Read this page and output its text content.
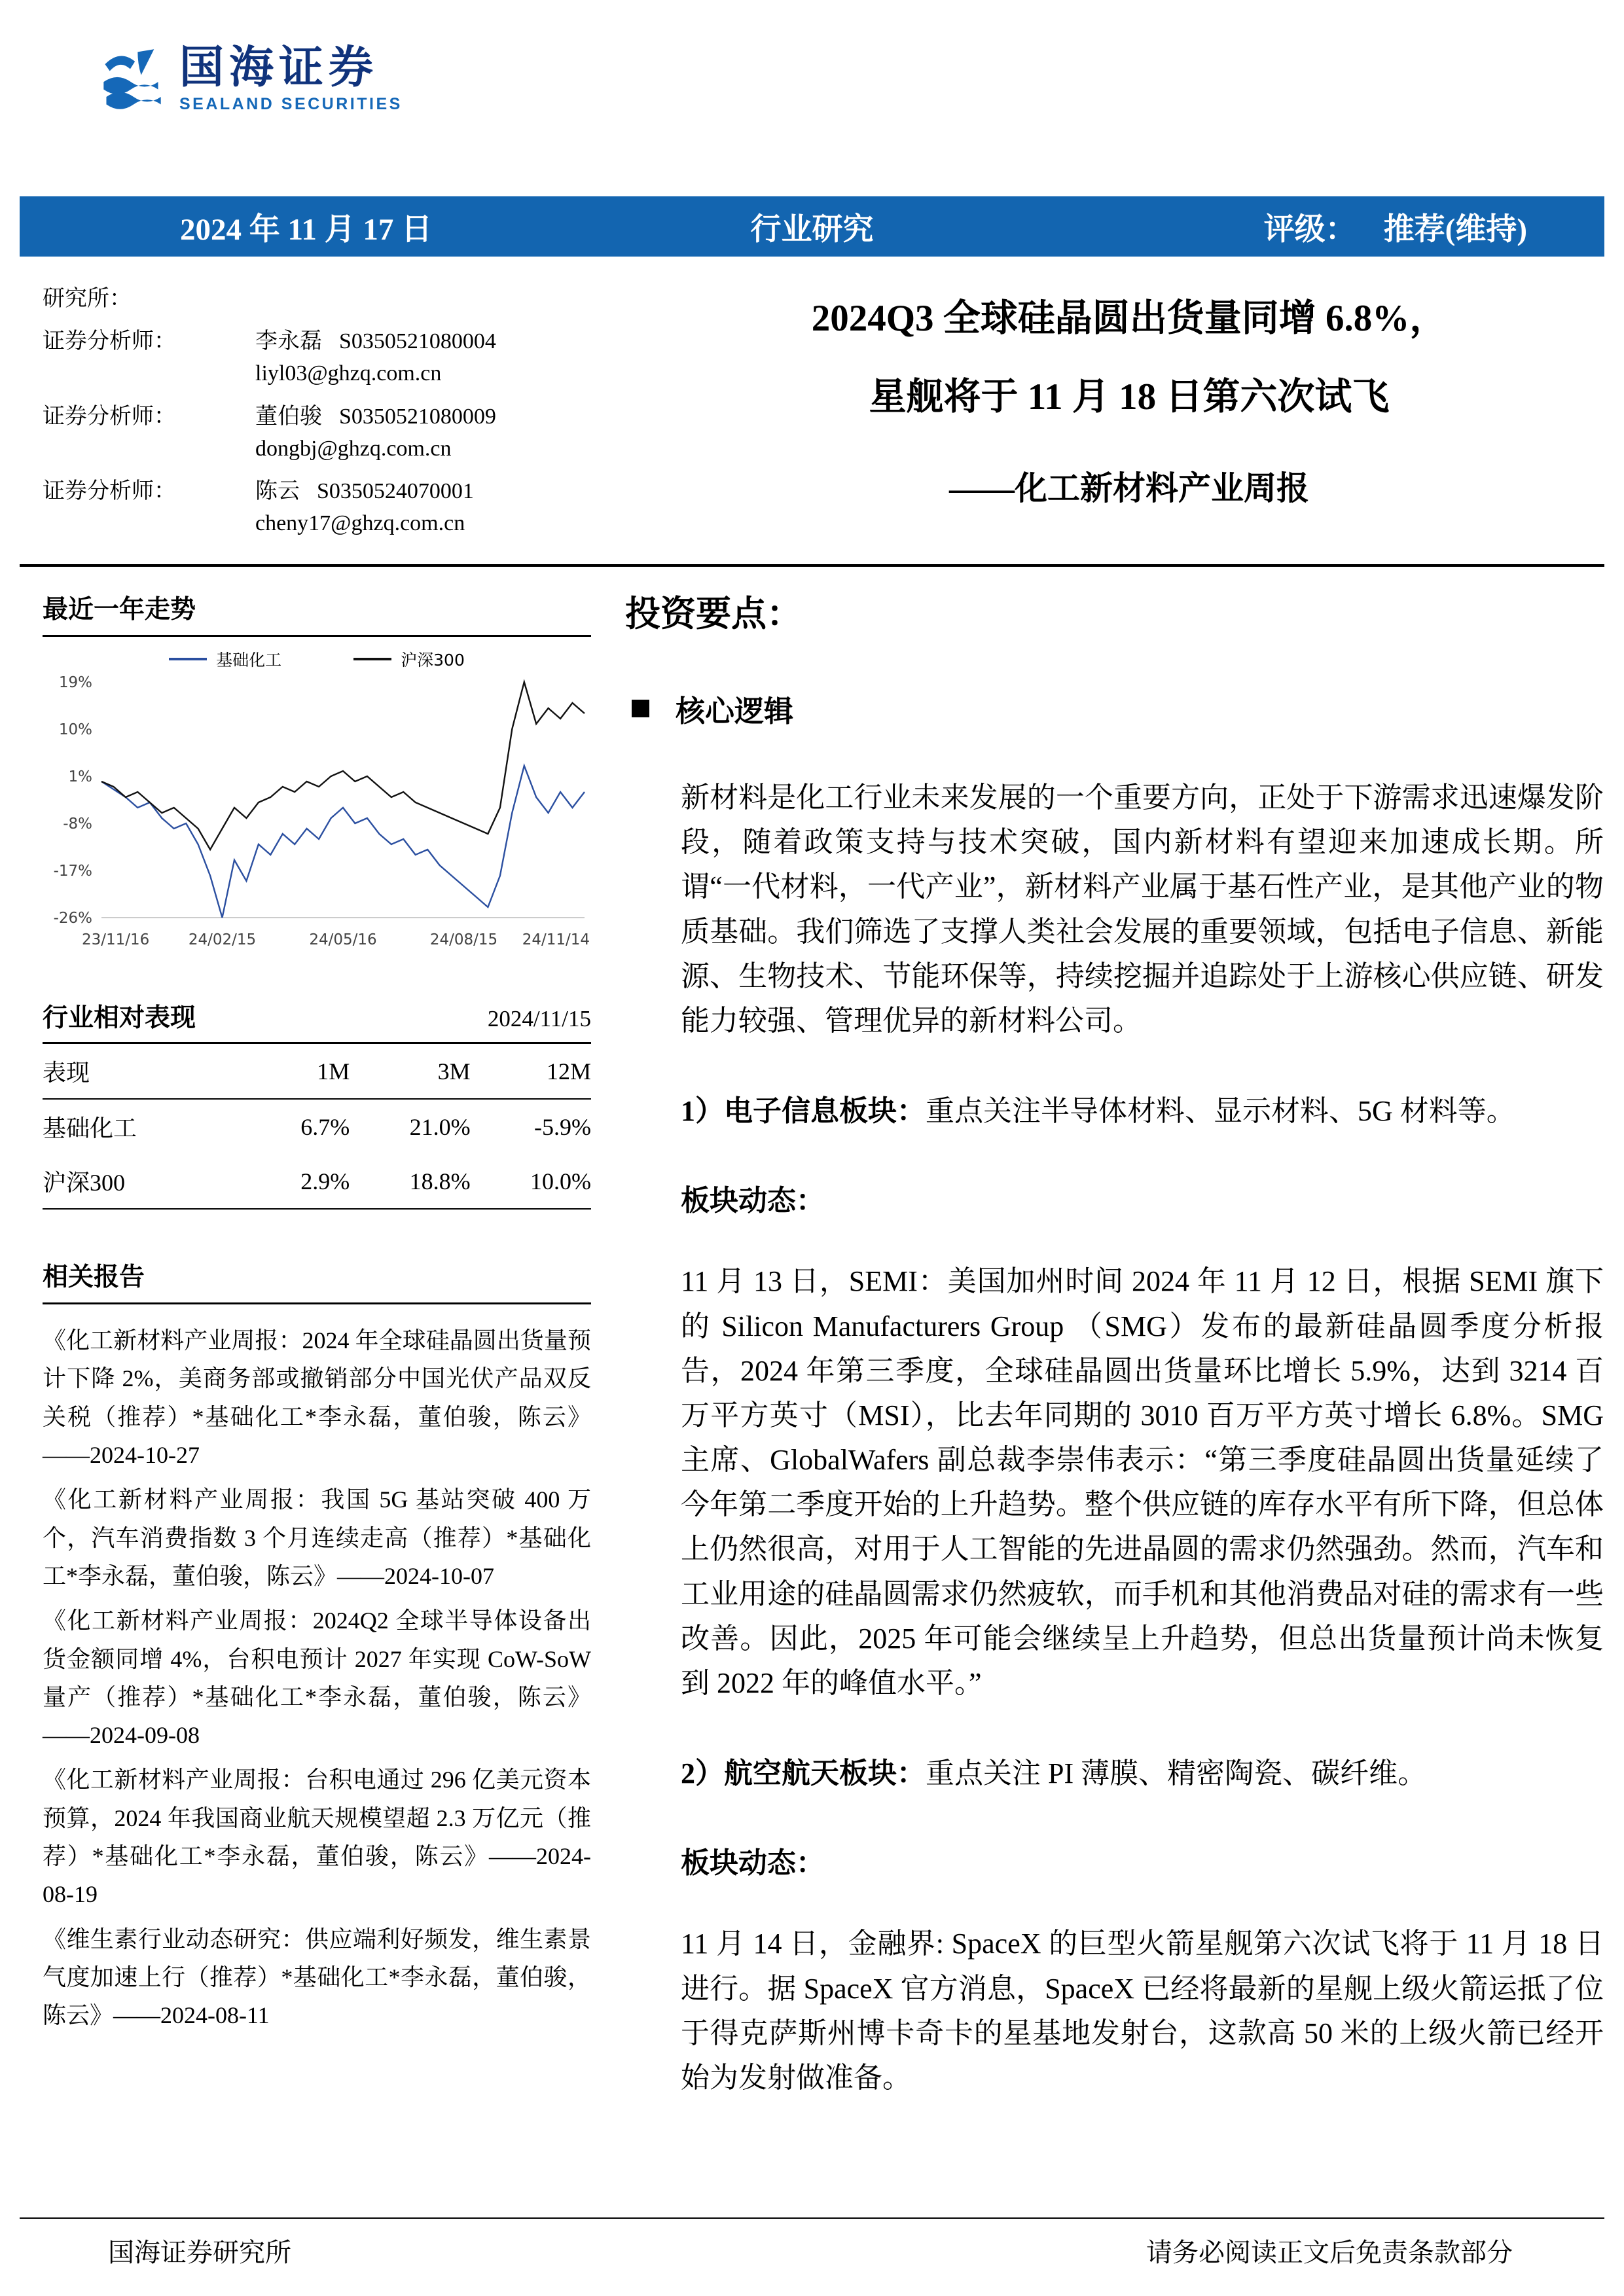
国海证券
SEALAND SECURITIES
2024 年 11 月 17 日	行业研究	评级： 推荐(维持)
研究所：
证券分析师：	李永磊 S0350521080004
liyl03@ghzq.com.cn
证券分析师：	董伯骏 S0350521080009
dongbj@ghzq.com.cn
证券分析师：	陈云 S0350524070001
cheny17@ghzq.com.cn
2024Q3 全球硅晶圆出货量同增 6.8%，
星舰将于 11 月 18 日第六次试飞
——化工新材料产业周报
最近一年走势
基础化工	沪深300
19%
10%
1%
-8%
-17%
-26%
23/11/16	24/02/15	24/05/16	24/08/15 24/11/14
行业相对表现	2024/11/15
表现	1M	3M	12M
基础化工	6.7%	21.0%	-5.9%
沪深300	2.9%	18.8%	10.0%
相关报告

《化工新材料产业周报：2024 年全球硅晶圆出货量预计下降 2%，美商务部或撤销部分中国光伏产品双反关税（推荐）*基础化工*李永磊，董伯骏，陈云》——2024-10-27

《化工新材料产业周报：我国 5G 基站突破 400 万个，汽车消费指数 3 个月连续走高（推荐）*基础化工*李永磊，董伯骏，陈云》——2024-10-07

《化工新材料产业周报：2024Q2 全球半导体设备出货金额同增 4%，台积电预计 2027 年实现 CoW-SoW 量产（推荐）*基础化工*李永磊，董伯骏，陈云》——2024-09-08

《化工新材料产业周报：台积电通过 296 亿美元资本预算，2024 年我国商业航天规模望超 2.3 万亿元（推荐）*基础化工*李永磊，董伯骏，陈云》——2024-08-19

《维生素行业动态研究：供应端利好频发，维生素景气度加速上行（推荐）*基础化工*李永磊，董伯骏，陈云》——2024-08-11

投资要点：
核心逻辑

新材料是化工行业未来发展的一个重要方向，正处于下游需求迅速爆发阶段，随着政策支持与技术突破，国内新材料有望迎来加速成长期。所谓“一代材料，一代产业”，新材料产业属于基石性产业，是其他产业的物质基础。我们筛选了支撑人类社会发展的重要领域，包括电子信息、新能源、生物技术、节能环保等，持续挖掘并追踪处于上游核心供应链、研发能力较强、管理优异的新材料公司。

1）电子信息板块：重点关注半导体材料、显示材料、5G 材料等。

板块动态：

11 月 13 日，SEMI：美国加州时间 2024 年 11 月 12 日，根据 SEMI 旗下的 Silicon Manufacturers Group （SMG）发布的最新硅晶圆季度分析报告，2024 年第三季度，全球硅晶圆出货量环比增长 5.9%，达到 3214 百万平方英寸（MSI），比去年同期的 3010 百万平方英寸增长 6.8%。SMG 主席、GlobalWafers 副总裁李崇伟表示：“第三季度硅晶圆出货量延续了今年第二季度开始的上升趋势。整个供应链的库存水平有所下降，但总体上仍然很高，对用于人工智能的先进晶圆的需求仍然强劲。然而，汽车和工业用途的硅晶圆需求仍然疲软，而手机和其他消费品对硅的需求有一些改善。因此，2025 年可能会继续呈上升趋势，但总出货量预计尚未恢复到 2022 年的峰值水平。”

2）航空航天板块：重点关注 PI 薄膜、精密陶瓷、碳纤维。

板块动态：

11 月 14 日，金融界: SpaceX 的巨型火箭星舰第六次试飞将于 11 月 18 日进行。据 SpaceX 官方消息，SpaceX 已经将最新的星舰上级火箭运抵了位于得克萨斯州博卡奇卡的星基地发射台，这款高 50 米的上级火箭已经开始为发射做准备。

国海证券研究所	请务必阅读正文后免责条款部分
